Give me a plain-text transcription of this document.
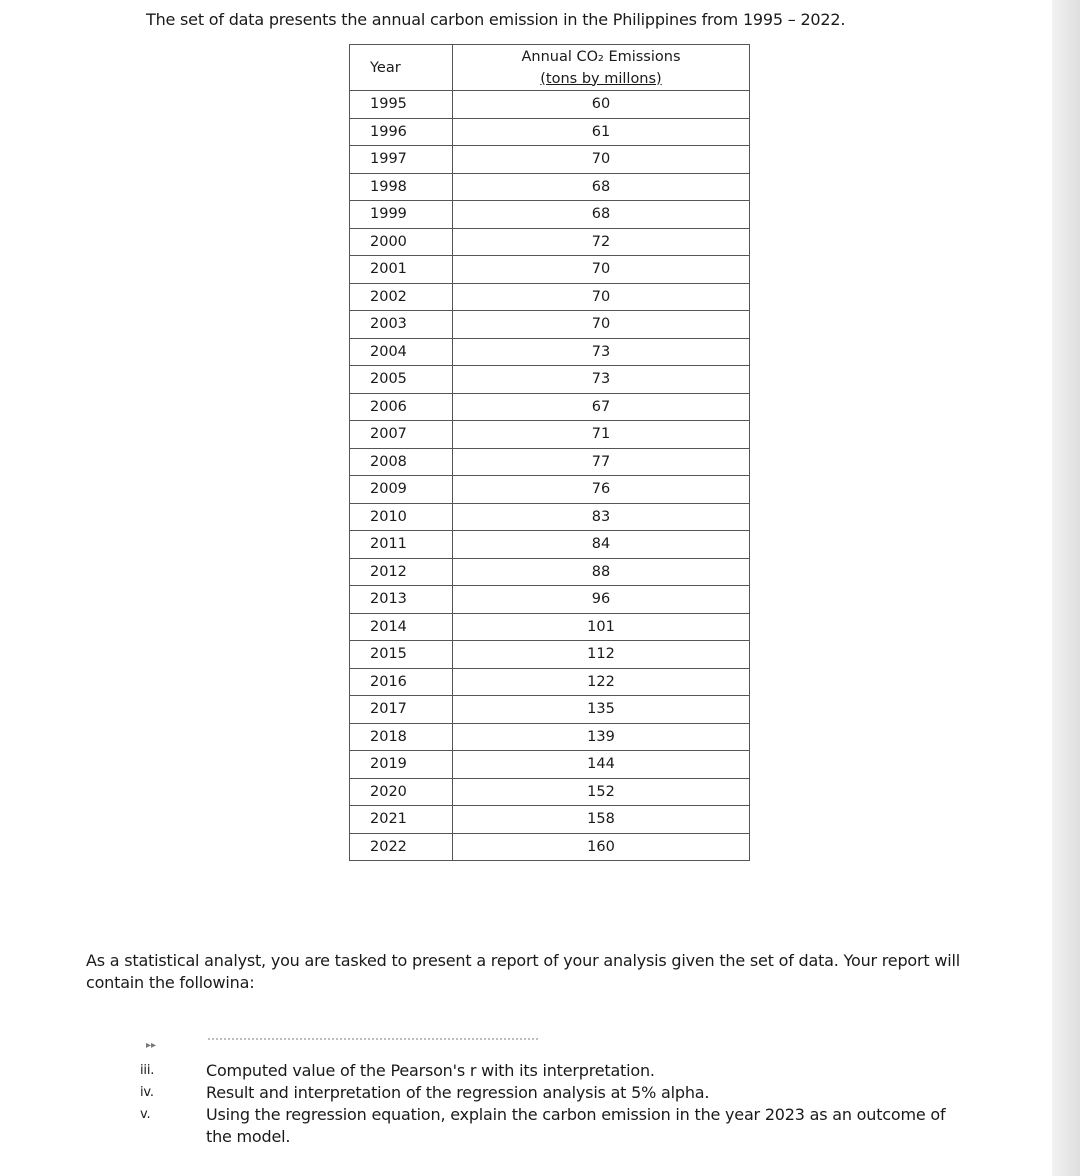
The set of data presents the annual carbon emission in the Philippines from 1995 – 2022.
Year	Annual CO₂ Emissions
(tons by millons)

1995	60
1996	61
1997	70
1998	68
1999	68
2000	72
2001	70
2002	70
2003	70
2004	73
2005	73
2006	67
2007	71
2008	77
2009	76
2010	83
2011	84
2012	88
2013	96
2014	101
2015	112
2016	122
2017	135
2018	139
2019	144
2020	152
2021	158
2022	160
As a statistical analyst, you are tasked to present a report of your analysis given the set of data. Your report will contain the followina:
▸▸
iii.	Computed value of the Pearson's r with its interpretation.
iv.	Result and interpretation of the regression analysis at 5% alpha.
v.	Using the regression equation, explain the carbon emission in the year 2023 as an outcome of the model.
